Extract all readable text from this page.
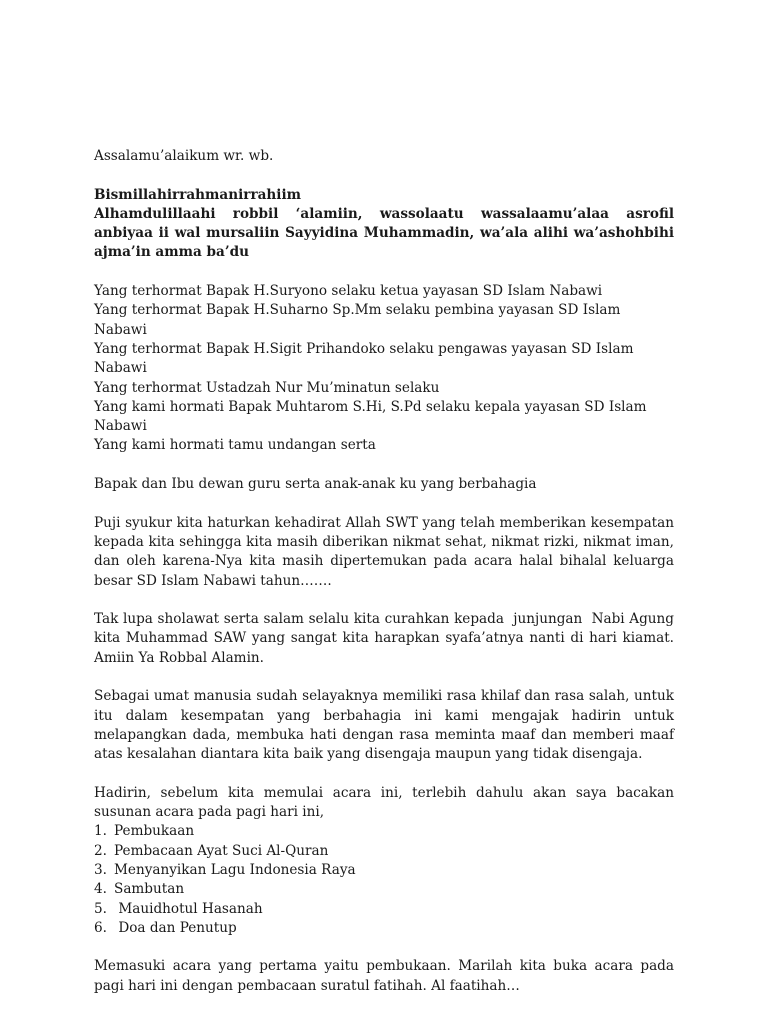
Assalamu’alaikum wr. wb.
Bismillahirrahmanirrahiim
Alhamdulillaahi robbil ‘alamiin, wassolaatu wassalaamu’alaa asrofil anbiyaa ii wal mursaliin Sayyidina Muhammadin, wa’ala alihi wa’ashohbihi ajma’in amma ba’du
Yang terhormat Bapak H.Suryono selaku ketua yayasan SD Islam Nabawi
Yang terhormat Bapak H.Suharno Sp.Mm selaku pembina yayasan SD Islam Nabawi
Yang terhormat Bapak H.Sigit Prihandoko selaku pengawas yayasan SD Islam Nabawi
Yang terhormat Ustadzah Nur Mu’minatun selaku
Yang kami hormati Bapak Muhtarom S.Hi, S.Pd selaku kepala yayasan SD Islam Nabawi
Yang kami hormati tamu undangan serta
Bapak dan Ibu dewan guru serta anak-anak ku yang berbahagia
Puji syukur kita haturkan kehadirat Allah SWT yang telah memberikan kesempatan kepada kita sehingga kita masih diberikan nikmat sehat, nikmat rizki, nikmat iman, dan oleh karena-Nya kita masih dipertemukan pada acara halal bihalal keluarga besar SD Islam Nabawi tahun…….
Tak lupa sholawat serta salam selalu kita curahkan kepada  junjungan  Nabi Agung kita Muhammad SAW yang sangat kita harapkan syafa’atnya nanti di hari kiamat. Amiin Ya Robbal Alamin.
Sebagai umat manusia sudah selayaknya memiliki rasa khilaf dan rasa salah, untuk itu dalam kesempatan yang berbahagia ini kami mengajak hadirin untuk melapangkan dada, membuka hati dengan rasa meminta maaf dan memberi maaf atas kesalahan diantara kita baik yang disengaja maupun yang tidak disengaja.
Hadirin, sebelum kita memulai acara ini, terlebih dahulu akan saya bacakan susunan acara pada pagi hari ini,
1. Pembukaan
2. Pembacaan Ayat Suci Al-Quran
3. Menyanyikan Lagu Indonesia Raya
4. Sambutan
5. Mauidhotul Hasanah
6. Doa dan Penutup
Memasuki acara yang pertama yaitu pembukaan. Marilah kita buka acara pada pagi hari ini dengan pembacaan suratul fatihah. Al faatihah…
